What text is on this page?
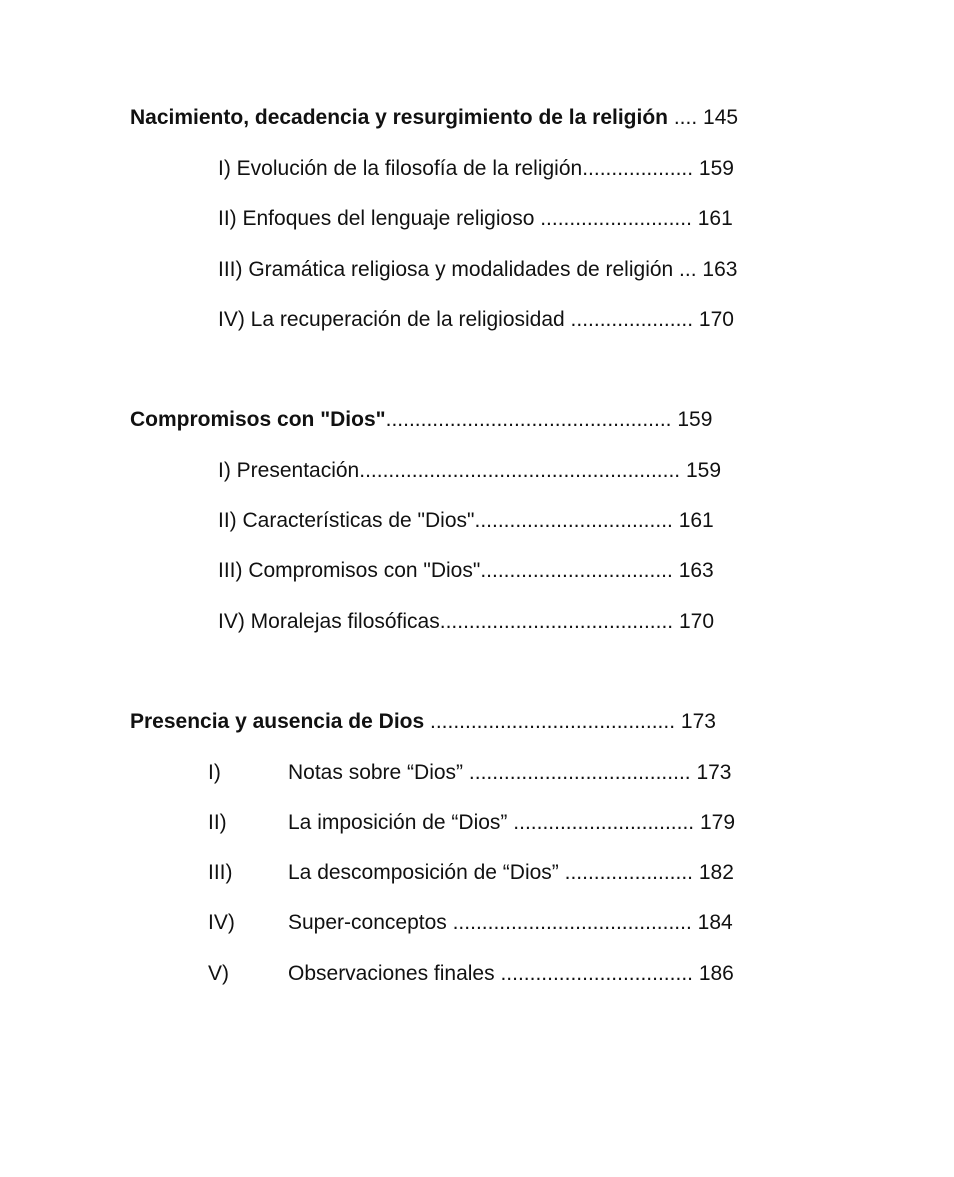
Nacimiento, decadencia y resurgimiento de la religión .... 145
I) Evolución de la filosofía de la religión................... 159
II) Enfoques del lenguaje religioso .......................... 161
III) Gramática religiosa y modalidades de religión ... 163
IV) La recuperación de la religiosidad ..................... 170
Compromisos con "Dios"................................................. 159
I) Presentación....................................................... 159
II) Características de "Dios".................................. 161
III) Compromisos con "Dios"................................. 163
IV) Moralejas filosóficas........................................ 170
Presencia y ausencia de Dios .......................................... 173
I)	Notas sobre “Dios” ...................................... 173
II)	La imposición de “Dios” ............................... 179
III)	La descomposición de “Dios” ...................... 182
IV)	Super-conceptos ......................................... 184
V)	Observaciones finales ................................. 186
